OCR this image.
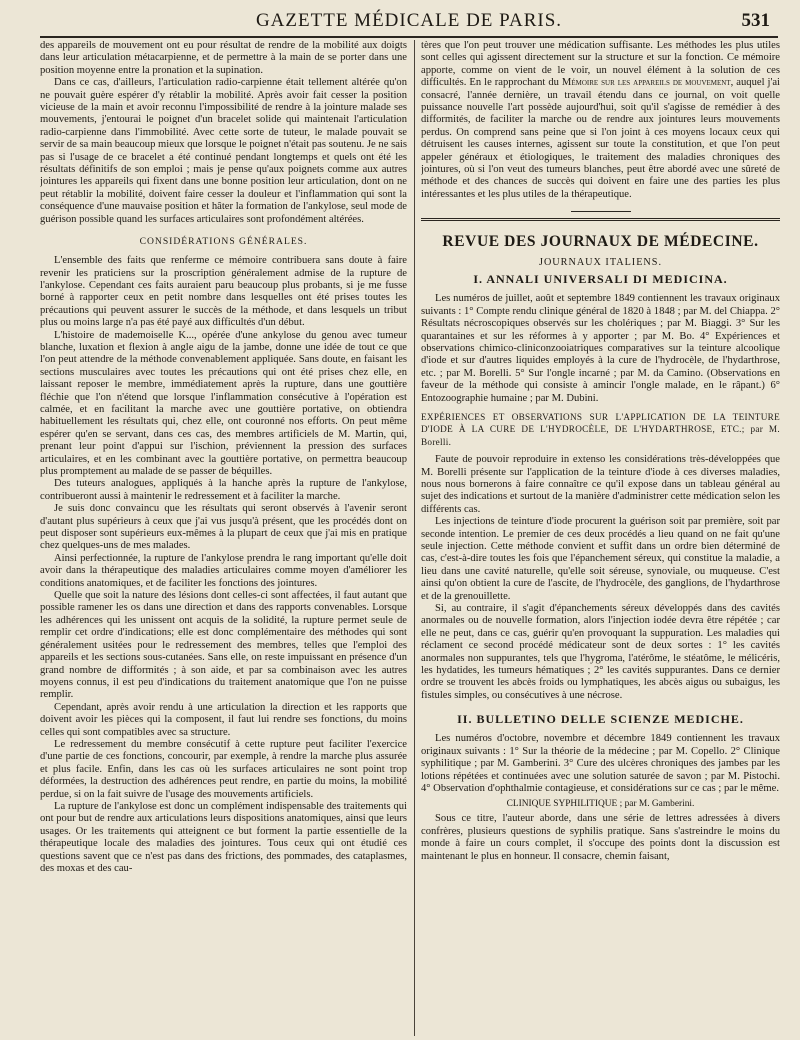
GAZETTE MÉDICALE DE PARIS.	531

des appareils de mouvement ont eu pour résultat de rendre de la mobilité aux doigts dans leur articulation métacarpienne, et de permettre à la main de se porter dans une position moyenne entre la pronation et la supination.

Dans ce cas, d'ailleurs, l'articulation radio-carpienne était tellement altérée qu'on ne pouvait guère espérer d'y rétablir la mobilité. Après avoir fait cesser la position vicieuse de la main et avoir reconnu l'impossibilité de rendre à la jointure malade ses mouvements, j'entourai le poignet d'un bracelet solide qui maintenait l'articulation radio-carpienne dans l'immobilité. Avec cette sorte de tuteur, le malade pouvait se servir de sa main beaucoup mieux que lorsque le poignet n'était pas soutenu. Je ne sais pas si l'usage de ce bracelet a été continué pendant longtemps et quels ont été les résultats définitifs de son emploi ; mais je pense qu'aux poignets comme aux autres jointures les appareils qui fixent dans une bonne position leur articulation, dont on ne peut rétablir la mobilité, doivent faire cesser la douleur et l'inflammation qui sont la conséquence d'une mauvaise position et hâter la formation de l'ankylose, seul mode de guérison possible quand les surfaces articulaires sont profondément altérées.

CONSIDÉRATIONS GÉNÉRALES.

L'ensemble des faits que renferme ce mémoire contribuera sans doute à faire revenir les praticiens sur la proscription généralement admise de la rupture de l'ankylose. Cependant ces faits auraient paru beaucoup plus probants, si je me fusse borné à rapporter ceux en petit nombre dans lesquelles ont été prises toutes les précautions qui peuvent assurer le succès de la méthode, et dans lesquels un tribut plus ou moins large n'a pas été payé aux difficultés d'un début.

L'histoire de mademoiselle K..., opérée d'une ankylose du genou avec tumeur blanche, luxation et flexion à angle aigu de la jambe, donne une idée de tout ce que l'on peut attendre de la méthode convenablement appliquée. Sans doute, en faisant les sections musculaires avec toutes les précautions qui ont été prises chez elle, en laissant reposer le membre, immédiatement après la rupture, dans une gouttière fléchie que l'on n'étend que lorsque l'inflammation consécutive à l'opération est calmée, et en facilitant la marche avec une gouttière portative, on obtiendra habituellement les résultats qui, chez elle, ont couronné nos efforts. On peut même espérer qu'en se servant, dans ces cas, des membres artificiels de M. Martin, qui, prenant leur point d'appui sur l'ischion, préviennent la pression des surfaces articulaires, et en les combinant avec la gouttière portative, on permettra beaucoup plus promptement au malade de se passer de béquilles.

Des tuteurs analogues, appliqués à la hanche après la rupture de l'ankylose, contribueront aussi à maintenir le redressement et à faciliter la marche.

Je suis donc convaincu que les résultats qui seront observés à l'avenir seront d'autant plus supérieurs à ceux que j'ai vus jusqu'à présent, que les procédés dont on peut disposer sont supérieurs eux-mêmes à la plupart de ceux que j'ai mis en pratique chez quelques-uns de mes malades.

Ainsi perfectionnée, la rupture de l'ankylose prendra le rang important qu'elle doit avoir dans la thérapeutique des maladies articulaires comme moyen d'améliorer les conditions anatomiques, et de faciliter les fonctions des jointures.

Quelle que soit la nature des lésions dont celles-ci sont affectées, il faut autant que possible ramener les os dans une direction et dans des rapports convenables. Lorsque les adhérences qui les unissent ont acquis de la solidité, la rupture permet seule de remplir cet ordre d'indications; elle est donc complémentaire des méthodes qui sont généralement usitées pour le redressement des membres, telles que l'emploi des appareils et les sections sous-cutanées. Sans elle, on reste impuissant en présence d'un grand nombre de difformités ; à son aide, et par sa combinaison avec les autres moyens connus, il est peu d'indications du traitement anatomique que l'on ne puisse remplir.

Cependant, après avoir rendu à une articulation la direction et les rapports que doivent avoir les pièces qui la composent, il faut lui rendre ses fonctions, du moins celles qui sont compatibles avec sa structure.

Le redressement du membre consécutif à cette rupture peut faciliter l'exercice d'une partie de ces fonctions, concourir, par exemple, à rendre la marche plus assurée et plus facile. Enfin, dans les cas où les surfaces articulaires ne sont point trop déformées, la destruction des adhérences peut rendre, en partie du moins, la mobilité perdue, si on la fait suivre de l'usage des mouvements artificiels.

La rupture de l'ankylose est donc un complément indispensable des traitements qui ont pour but de rendre aux articulations leurs dispositions anatomiques, ainsi que leurs usages. Or les traitements qui atteignent ce but forment la partie essentielle de la thérapeutique locale des maladies des jointures. Tous ceux qui ont étudié ces questions savent que ce n'est pas dans des frictions, des pommades, des cataplasmes, des moxas et des cau-

tères que l'on peut trouver une médication suffisante. Les méthodes les plus utiles sont celles qui agissent directement sur la structure et sur la fonction. Ce mémoire apporte, comme on vient de le voir, un nouvel élément à la solution de ces difficultés. En le rapprochant du Mémoire sur les appareils de mouvement, auquel j'ai consacré, l'année dernière, un travail étendu dans ce journal, on voit quelle puissance nouvelle l'art possède aujourd'hui, soit qu'il s'agisse de remédier à des difformités, de faciliter la marche ou de rendre aux jointures leurs mouvements perdus. On comprend sans peine que si l'on joint à ces moyens locaux ceux qui détruisent les causes internes, agissent sur toute la constitution, et que l'on peut appeler généraux et étiologiques, le traitement des maladies chroniques des jointures, où si l'on veut des tumeurs blanches, peut être abordé avec une sûreté de méthode et des chances de succès qui doivent en faire une des parties les plus intéressantes et les plus utiles de la thérapeutique.

REVUE DES JOURNAUX DE MÉDECINE.
JOURNAUX ITALIENS.
I. ANNALI UNIVERSALI DI MEDICINA.

Les numéros de juillet, août et septembre 1849 contiennent les travaux originaux suivants : 1° Compte rendu clinique général de 1820 à 1848 ; par M. del Chiappa. 2° Résultats nécroscopiques observés sur les cholériques ; par M. Biaggi. 3° Sur les quarantaines et sur les réformes à y apporter ; par M. Bo. 4° Expériences et observations chimico-cliniconzooiatriques comparatives sur la teinture alcoolique d'iode et sur d'autres liquides employés à la cure de l'hydrocèle, de l'hydarthrose, etc. ; par M. Borelli. 5° Sur l'ongle incarné ; par M. da Camino. (Observations en faveur de la méthode qui consiste à amincir l'ongle malade, en le râpant.) 6° Entozoographie humaine ; par M. Dubini.

EXPÉRIENCES ET OBSERVATIONS SUR L'APPLICATION DE LA TEINTURE D'IODE À LA CURE DE L'HYDROCÈLE, DE L'HYDARTHROSE, ETC.; par M. Borelli.

Faute de pouvoir reproduire in extenso les considérations très-développées que M. Borelli présente sur l'application de la teinture d'iode à ces diverses maladies, nous nous bornerons à faire connaître ce qu'il expose dans un tableau général au sujet des indications et surtout de la manière d'administrer cette médication selon les différents cas.

Les injections de teinture d'iode procurent la guérison soit par première, soit par seconde intention. Le premier de ces deux procédés a lieu quand on ne fait qu'une seule injection. Cette méthode convient et suffit dans un ordre bien déterminé de cas, c'est-à-dire toutes les fois que l'épanchement séreux, qui constitue la maladie, a lieu dans une cavité naturelle, qu'elle soit séreuse, synoviale, ou muqueuse. C'est ainsi qu'on obtient la cure de l'ascite, de l'hydrocèle, des ganglions, de l'hydarthrose et de la grenouillette.

Si, au contraire, il s'agit d'épanchements séreux développés dans des cavités anormales ou de nouvelle formation, alors l'injection iodée devra être répétée ; car elle ne peut, dans ce cas, guérir qu'en provoquant la suppuration. Les maladies qui réclament ce second procédé médicateur sont de deux sortes : 1° les cavités anormales non suppurantes, tels que l'hygroma, l'atérôme, le stéatôme, le mélicéris, les hydatides, les tumeurs hématiques ; 2° les cavités suppurantes. Dans ce dernier ordre se trouvent les abcès froids ou lymphatiques, les abcès aigus ou subaigus, les fistules simples, ou consécutives à une nécrose.

II. BULLETINO DELLE SCIENZE MEDICHE.

Les numéros d'octobre, novembre et décembre 1849 contiennent les travaux originaux suivants : 1° Sur la théorie de la médecine ; par M. Copello. 2° Clinique syphilitique ; par M. Gamberini. 3° Cure des ulcères chroniques des jambes par les lotions répétées et continuées avec une solution saturée de savon ; par M. Pistochi. 4° Observation d'ophthalmie contagieuse, et considérations sur ce cas ; par le même.

CLINIQUE SYPHILITIQUE ; par M. Gamberini.

Sous ce titre, l'auteur aborde, dans une série de lettres adressées à divers confrères, plusieurs questions de syphilis pratique. Sans s'astreindre le moins du monde à faire un cours complet, il s'occupe des points dont la discussion est maintenant le plus en honneur. Il consacre, chemin faisant,
